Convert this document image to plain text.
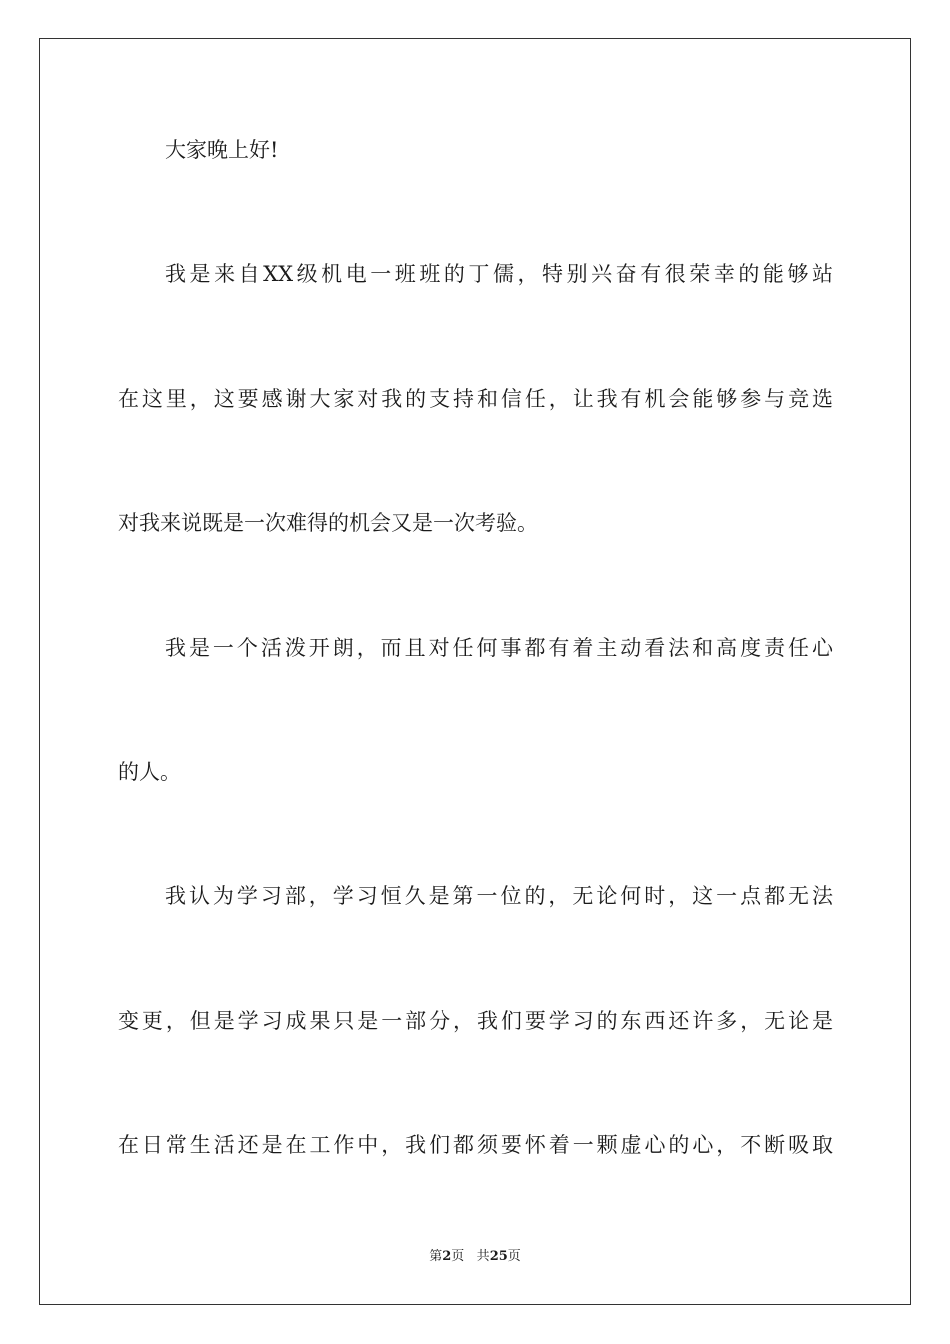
大家晚上好!

我是来自XX级机电一班班的丁儒，特别兴奋有很荣幸的能够站

在这里，这要感谢大家对我的支持和信任，让我有机会能够参与竞选

对我来说既是一次难得的机会又是一次考验。

我是一个活泼开朗，而且对任何事都有着主动看法和高度责任心

的人。

我认为学习部，学习恒久是第一位的，无论何时，这一点都无法

变更，但是学习成果只是一部分，我们要学习的东西还许多，无论是

在日常生活还是在工作中，我们都须要怀着一颗虚心的心，不断吸取

第2页 共25页
